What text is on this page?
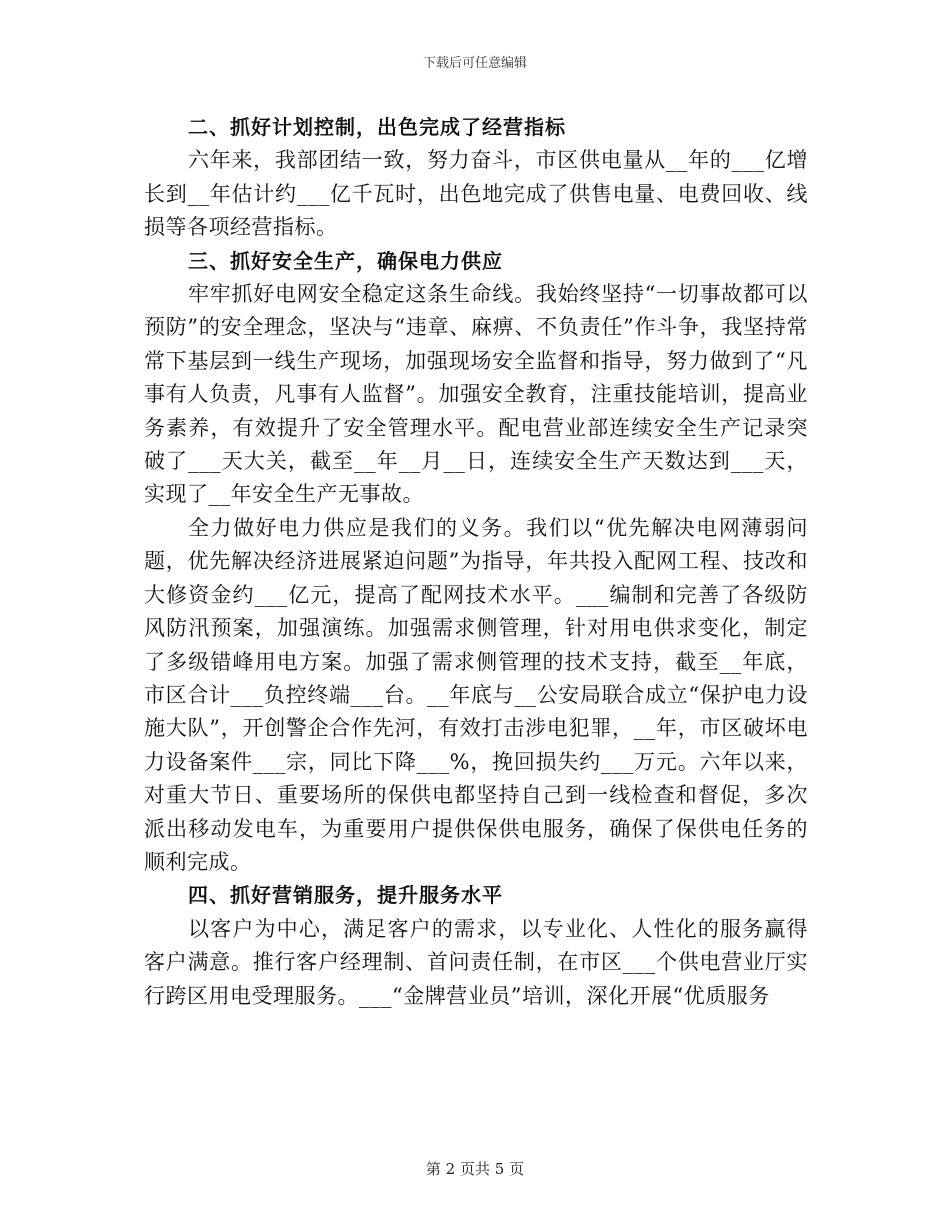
下载后可任意编辑

二、抓好计划控制，出色完成了经营指标

六年来，我部团结一致，努力奋斗，市区供电量从__年的___亿增长到__年估计约___亿千瓦时，出色地完成了供售电量、电费回收、线损等各项经营指标。

三、抓好安全生产，确保电力供应

牢牢抓好电网安全稳定这条生命线。我始终坚持“一切事故都可以预防”的安全理念，坚决与“违章、麻痹、不负责任”作斗争，我坚持常常下基层到一线生产现场，加强现场安全监督和指导，努力做到了“凡事有人负责，凡事有人监督”。加强安全教育，注重技能培训，提高业务素养，有效提升了安全管理水平。配电营业部连续安全生产记录突破了___天大关，截至__年__月__日，连续安全生产天数达到___天，实现了__年安全生产无事故。

全力做好电力供应是我们的义务。我们以“优先解决电网薄弱问题，优先解决经济进展紧迫问题”为指导，年共投入配网工程、技改和大修资金约___亿元，提高了配网技术水平。___编制和完善了各级防风防汛预案，加强演练。加强需求侧管理，针对用电供求变化，制定了多级错峰用电方案。加强了需求侧管理的技术支持，截至__年底，市区合计___负控终端___台。__年底与__公安局联合成立“保护电力设施大队”，开创警企合作先河，有效打击涉电犯罪，__年，市区破坏电力设备案件___宗，同比下降___%，挽回损失约___万元。六年以来，对重大节日、重要场所的保供电都坚持自己到一线检查和督促，多次派出移动发电车，为重要用户提供保供电服务，确保了保供电任务的顺利完成。

四、抓好营销服务，提升服务水平

以客户为中心，满足客户的需求，以专业化、人性化的服务赢得客户满意。推行客户经理制、首问责任制，在市区___个供电营业厅实行跨区用电受理服务。___“金牌营业员”培训，深化开展“优质服务

第 2 页共 5 页
